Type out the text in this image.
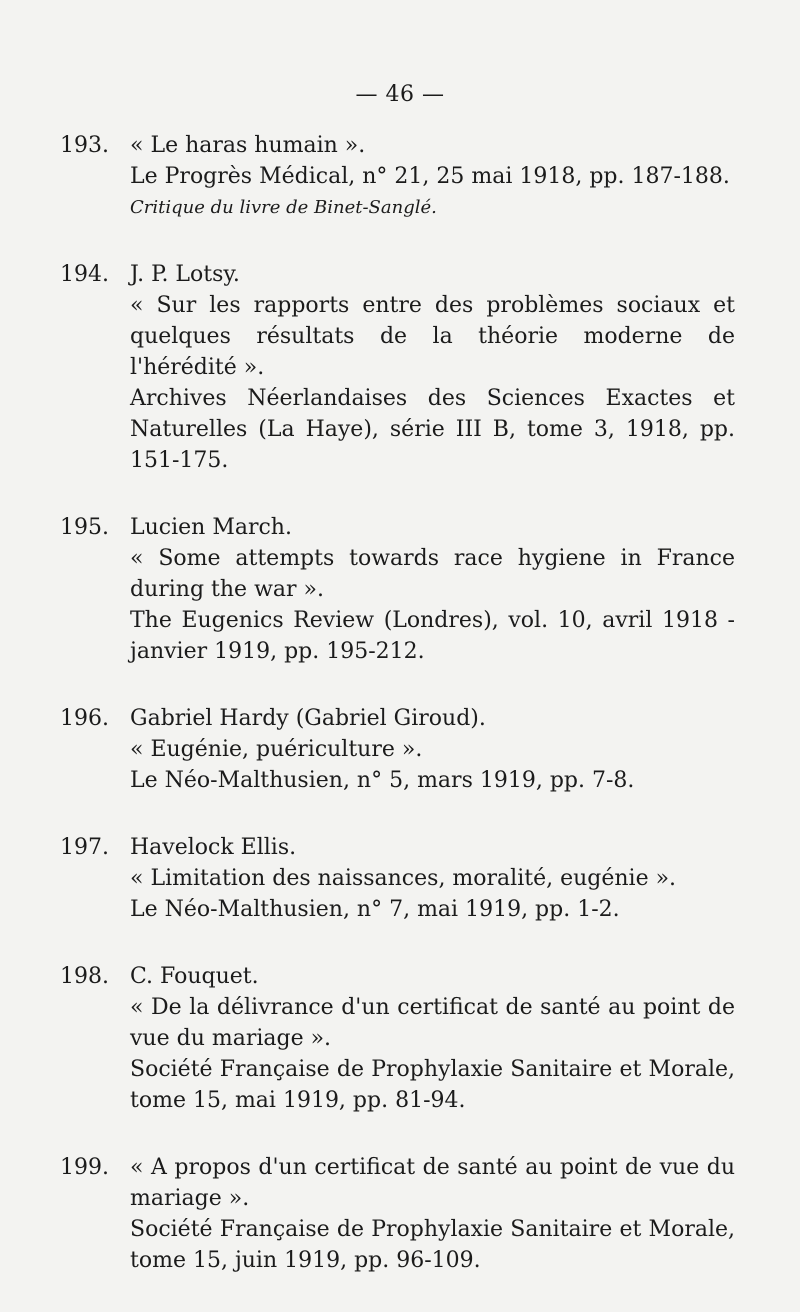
— 46 —
193. « Le haras humain ».
Le Progrès Médical, n° 21, 25 mai 1918, pp. 187-188.
Critique du livre de Binet-Sanglé.
194. J. P. Lotsy.
« Sur les rapports entre des problèmes sociaux et quelques résultats de la théorie moderne de l'hérédité ».
Archives Néerlandaises des Sciences Exactes et Naturelles (La Haye), série III B, tome 3, 1918, pp. 151-175.
195. Lucien March.
« Some attempts towards race hygiene in France during the war ».
The Eugenics Review (Londres), vol. 10, avril 1918 - janvier 1919, pp. 195-212.
196. Gabriel Hardy (Gabriel Giroud).
« Eugénie, puériculture ».
Le Néo-Malthusien, n° 5, mars 1919, pp. 7-8.
197. Havelock Ellis.
« Limitation des naissances, moralité, eugénie ».
Le Néo-Malthusien, n° 7, mai 1919, pp. 1-2.
198. C. Fouquet.
« De la délivrance d'un certificat de santé au point de vue du mariage ».
Société Française de Prophylaxie Sanitaire et Morale, tome 15, mai 1919, pp. 81-94.
199. « A propos d'un certificat de santé au point de vue du mariage ».
Société Française de Prophylaxie Sanitaire et Morale, tome 15, juin 1919, pp. 96-109.
